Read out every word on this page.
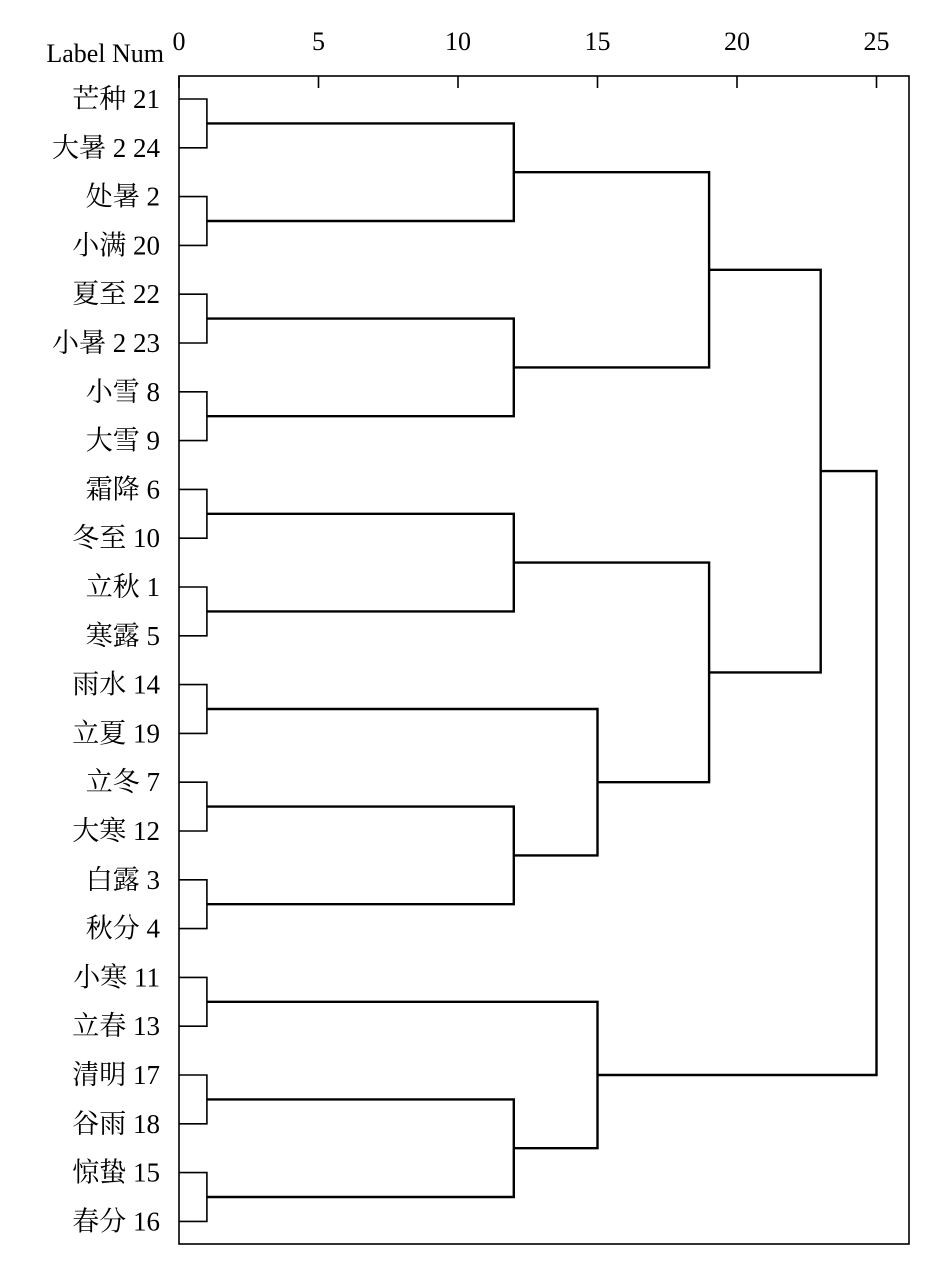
Label Num 0	5	10	15	20	25
芒种 21
大暑 2 24
处暑 2
小满 20
夏至 22
小暑 2 23
小雪 8
大雪 9
霜降 6
冬至 10
立秋 1
寒露 5
雨水 14
立夏 19
立冬 7
大寒 12
白露 3
秋分 4
小寒 11
立春 13
清明 17
谷雨 18
惊蛰 15
春分 16
